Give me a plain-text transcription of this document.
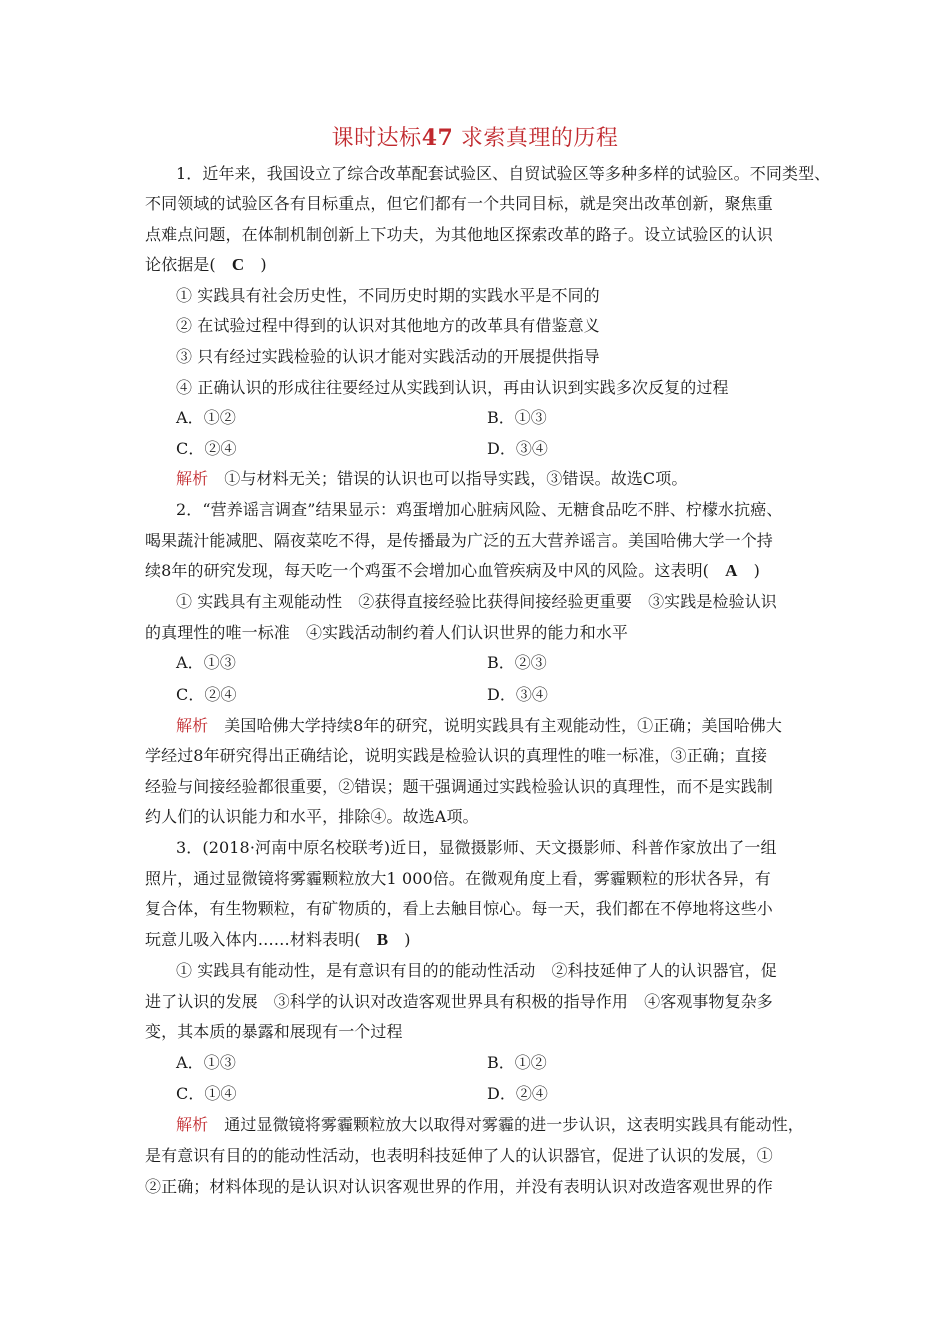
课时达标47 求索真理的历程
1．近年来，我国设立了综合改革配套试验区、自贸试验区等多种多样的试验区。不同类型、
不同领域的试验区各有目标重点，但它们都有一个共同目标，就是突出改革创新，聚焦重
点难点问题，在体制机制创新上下功夫，为其他地区探索改革的路子。设立试验区的认识
论依据是(　C　)
① 实践具有社会历史性，不同历史时期的实践水平是不同的
② 在试验过程中得到的认识对其他地方的改革具有借鉴意义
③ 只有经过实践检验的认识才能对实践活动的开展提供指导
④ 正确认识的形成往往要经过从实践到认识，再由认识到实践多次反复的过程
A．①②	B．①③
C．②④	D．③④
解析　①与材料无关；错误的认识也可以指导实践，③错误。故选C项。
2．“营养谣言调查”结果显示：鸡蛋增加心脏病风险、无糖食品吃不胖、柠檬水抗癌、
喝果蔬汁能减肥、隔夜菜吃不得，是传播最为广泛的五大营养谣言。美国哈佛大学一个持
续8年的研究发现，每天吃一个鸡蛋不会增加心血管疾病及中风的风险。这表明(　A　)
① 实践具有主观能动性　②获得直接经验比获得间接经验更重要　③实践是检验认识
的真理性的唯一标准　④实践活动制约着人们认识世界的能力和水平
A．①③	B．②③
C．②④	D．③④
解析　美国哈佛大学持续8年的研究，说明实践具有主观能动性，①正确；美国哈佛大
学经过8年研究得出正确结论，说明实践是检验认识的真理性的唯一标准，③正确；直接
经验与间接经验都很重要，②错误；题干强调通过实践检验认识的真理性，而不是实践制
约人们的认识能力和水平，排除④。故选A项。
3．(2018·河南中原名校联考)近日，显微摄影师、天文摄影师、科普作家放出了一组
照片，通过显微镜将雾霾颗粒放大1 000倍。在微观角度上看，雾霾颗粒的形状各异，有
复合体，有生物颗粒，有矿物质的，看上去触目惊心。每一天，我们都在不停地将这些小
玩意儿吸入体内……材料表明(　B　)
① 实践具有能动性，是有意识有目的的能动性活动　②科技延伸了人的认识器官，促
进了认识的发展　③科学的认识对改造客观世界具有积极的指导作用　④客观事物复杂多
变，其本质的暴露和展现有一个过程
A．①③	B．①②
C．①④	D．②④
解析　通过显微镜将雾霾颗粒放大以取得对雾霾的进一步认识，这表明实践具有能动性，
是有意识有目的的能动性活动，也表明科技延伸了人的认识器官，促进了认识的发展，①
②正确；材料体现的是认识对认识客观世界的作用，并没有表明认识对改造客观世界的作
